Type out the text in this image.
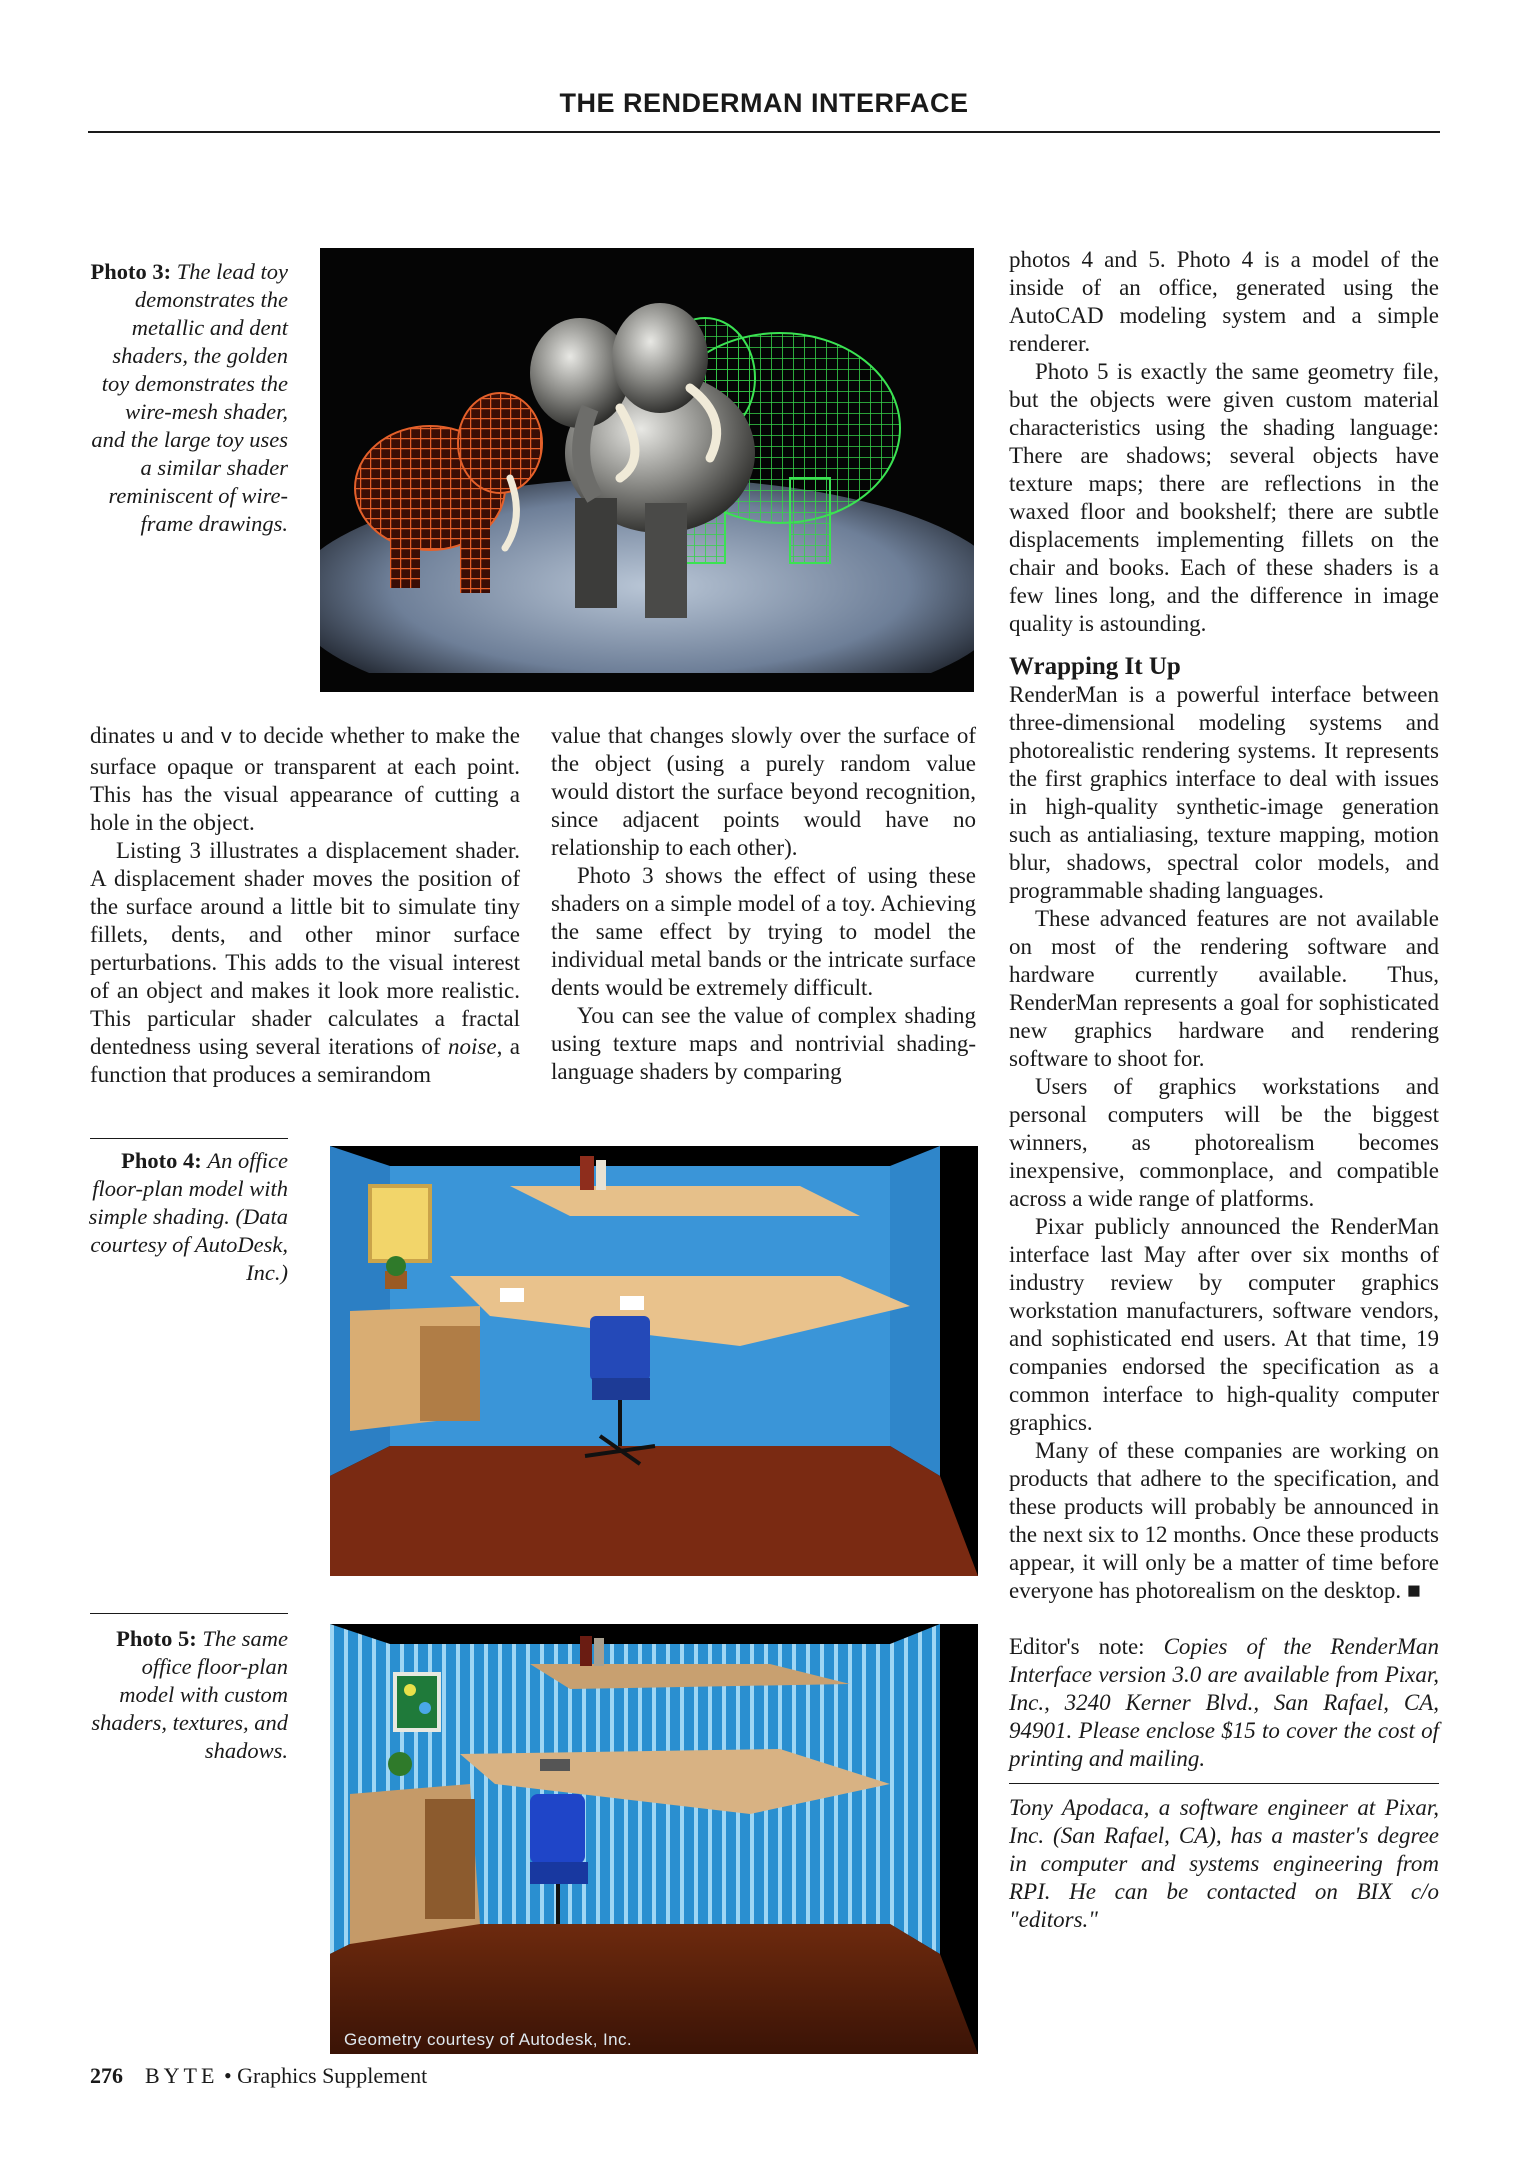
THE RENDERMAN INTERFACE
Photo 3: The lead toy demonstrates the metallic and dent shaders, the golden toy demonstrates the wire-mesh shader, and the large toy uses a similar shader reminiscent of wire-frame drawings.

dinates u and v to decide whether to make the surface opaque or transparent at each point. This has the visual appearance of cutting a hole in the object.

Listing 3 illustrates a displacement shader. A displacement shader moves the position of the surface around a little bit to simulate tiny fillets, dents, and other minor surface perturbations. This adds to the visual interest of an object and makes it look more realistic. This particular shader calculates a fractal dentedness using several iterations of noise, a function that produces a semirandom

value that changes slowly over the surface of the object (using a purely random value would distort the surface beyond recognition, since adjacent points would have no relationship to each other).

Photo 3 shows the effect of using these shaders on a simple model of a toy. Achieving the same effect by trying to model the individual metal bands or the intricate surface dents would be extremely difficult.

You can see the value of complex shading using texture maps and nontrivial shading-language shaders by comparing

photos 4 and 5. Photo 4 is a model of the inside of an office, generated using the AutoCAD modeling system and a simple renderer.

Photo 5 is exactly the same geometry file, but the objects were given custom material characteristics using the shading language: There are shadows; several objects have texture maps; there are reflections in the waxed floor and bookshelf; there are subtle displacements implementing fillets on the chair and books. Each of these shaders is a few lines long, and the difference in image quality is astounding.

Wrapping It Up

RenderMan is a powerful interface between three-dimensional modeling systems and photorealistic rendering systems. It represents the first graphics interface to deal with issues in high-quality synthetic-image generation such as antialiasing, texture mapping, motion blur, shadows, spectral color models, and programmable shading languages.

These advanced features are not available on most of the rendering software and hardware currently available. Thus, RenderMan represents a goal for sophisticated new graphics hardware and rendering software to shoot for.

Users of graphics workstations and personal computers will be the biggest winners, as photorealism becomes inexpensive, commonplace, and compatible across a wide range of platforms.

Pixar publicly announced the RenderMan interface last May after over six months of industry review by computer graphics workstation manufacturers, software vendors, and sophisticated end users. At that time, 19 companies endorsed the specification as a common interface to high-quality computer graphics.

Many of these companies are working on products that adhere to the specification, and these products will probably be announced in the next six to 12 months. Once these products appear, it will only be a matter of time before everyone has photorealism on the desktop. ■

Editor's note: Copies of the RenderMan Interface version 3.0 are available from Pixar, Inc., 3240 Kerner Blvd., San Rafael, CA, 94901. Please enclose $15 to cover the cost of printing and mailing.

Tony Apodaca, a software engineer at Pixar, Inc. (San Rafael, CA), has a master's degree in computer and systems engineering from RPI. He can be contacted on BIX c/o "editors."

Photo 4: An office floor-plan model with simple shading. (Data courtesy of AutoDesk, Inc.)
Photo 5: The same office floor-plan model with custom shaders, textures, and shadows.
Geometry courtesy of Autodesk, Inc.
276 BYTE • Graphics Supplement
